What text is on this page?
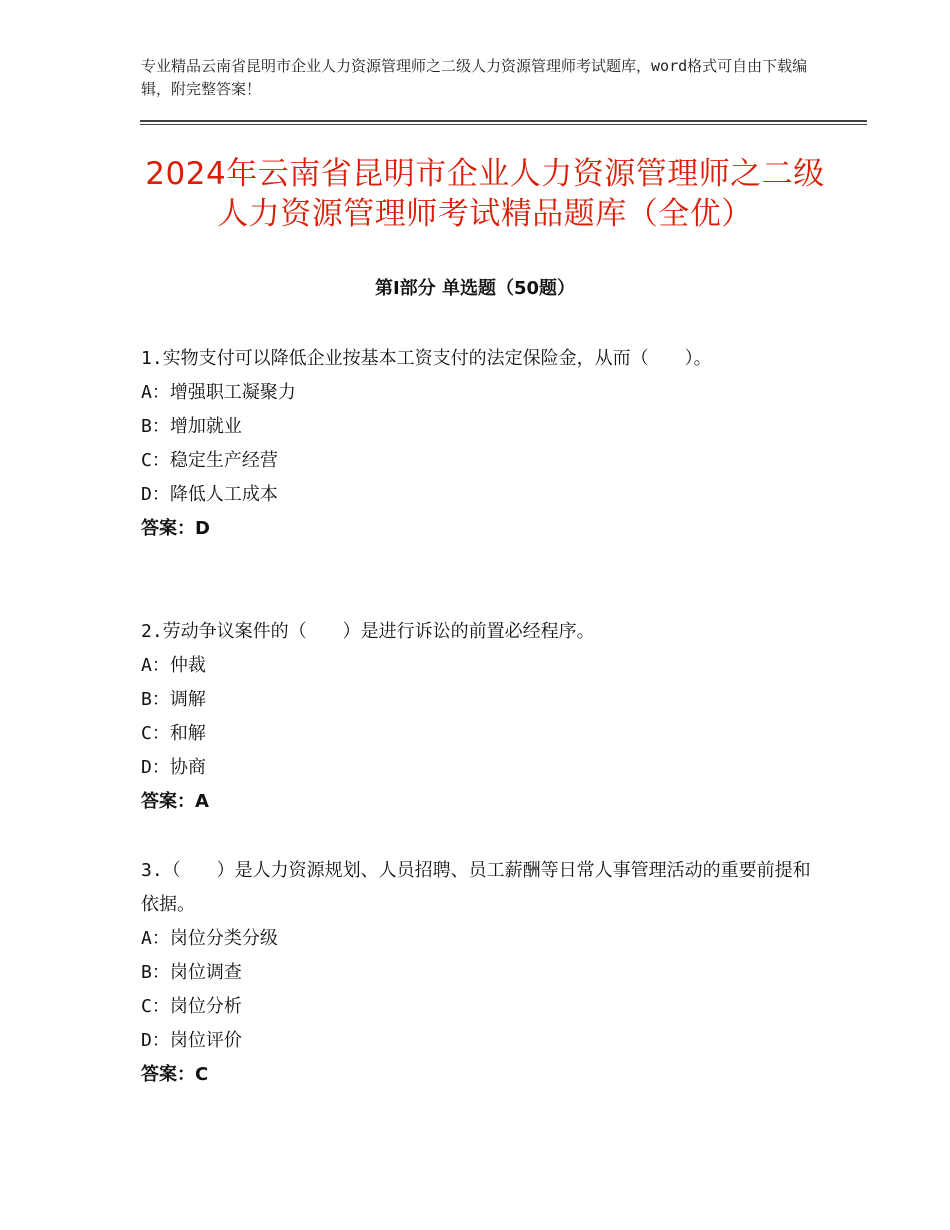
专业精品云南省昆明市企业人力资源管理师之二级人力资源管理师考试题库，word格式可自由下载编辑，附完整答案！
2024年云南省昆明市企业人力资源管理师之二级人力资源管理师考试精品题库（全优）
第Ⅰ部分 单选题（50题）
1.实物支付可以降低企业按基本工资支付的法定保险金，从而（　　）。
A：增强职工凝聚力
B：增加就业
C：稳定生产经营
D：降低人工成本
答案：D
2.劳动争议案件的（　　）是进行诉讼的前置必经程序。
A：仲裁
B：调解
C：和解
D：协商
答案：A
3.（　　）是人力资源规划、人员招聘、员工薪酬等日常人事管理活动的重要前提和依据。
A：岗位分类分级
B：岗位调查
C：岗位分析
D：岗位评价
答案：C
